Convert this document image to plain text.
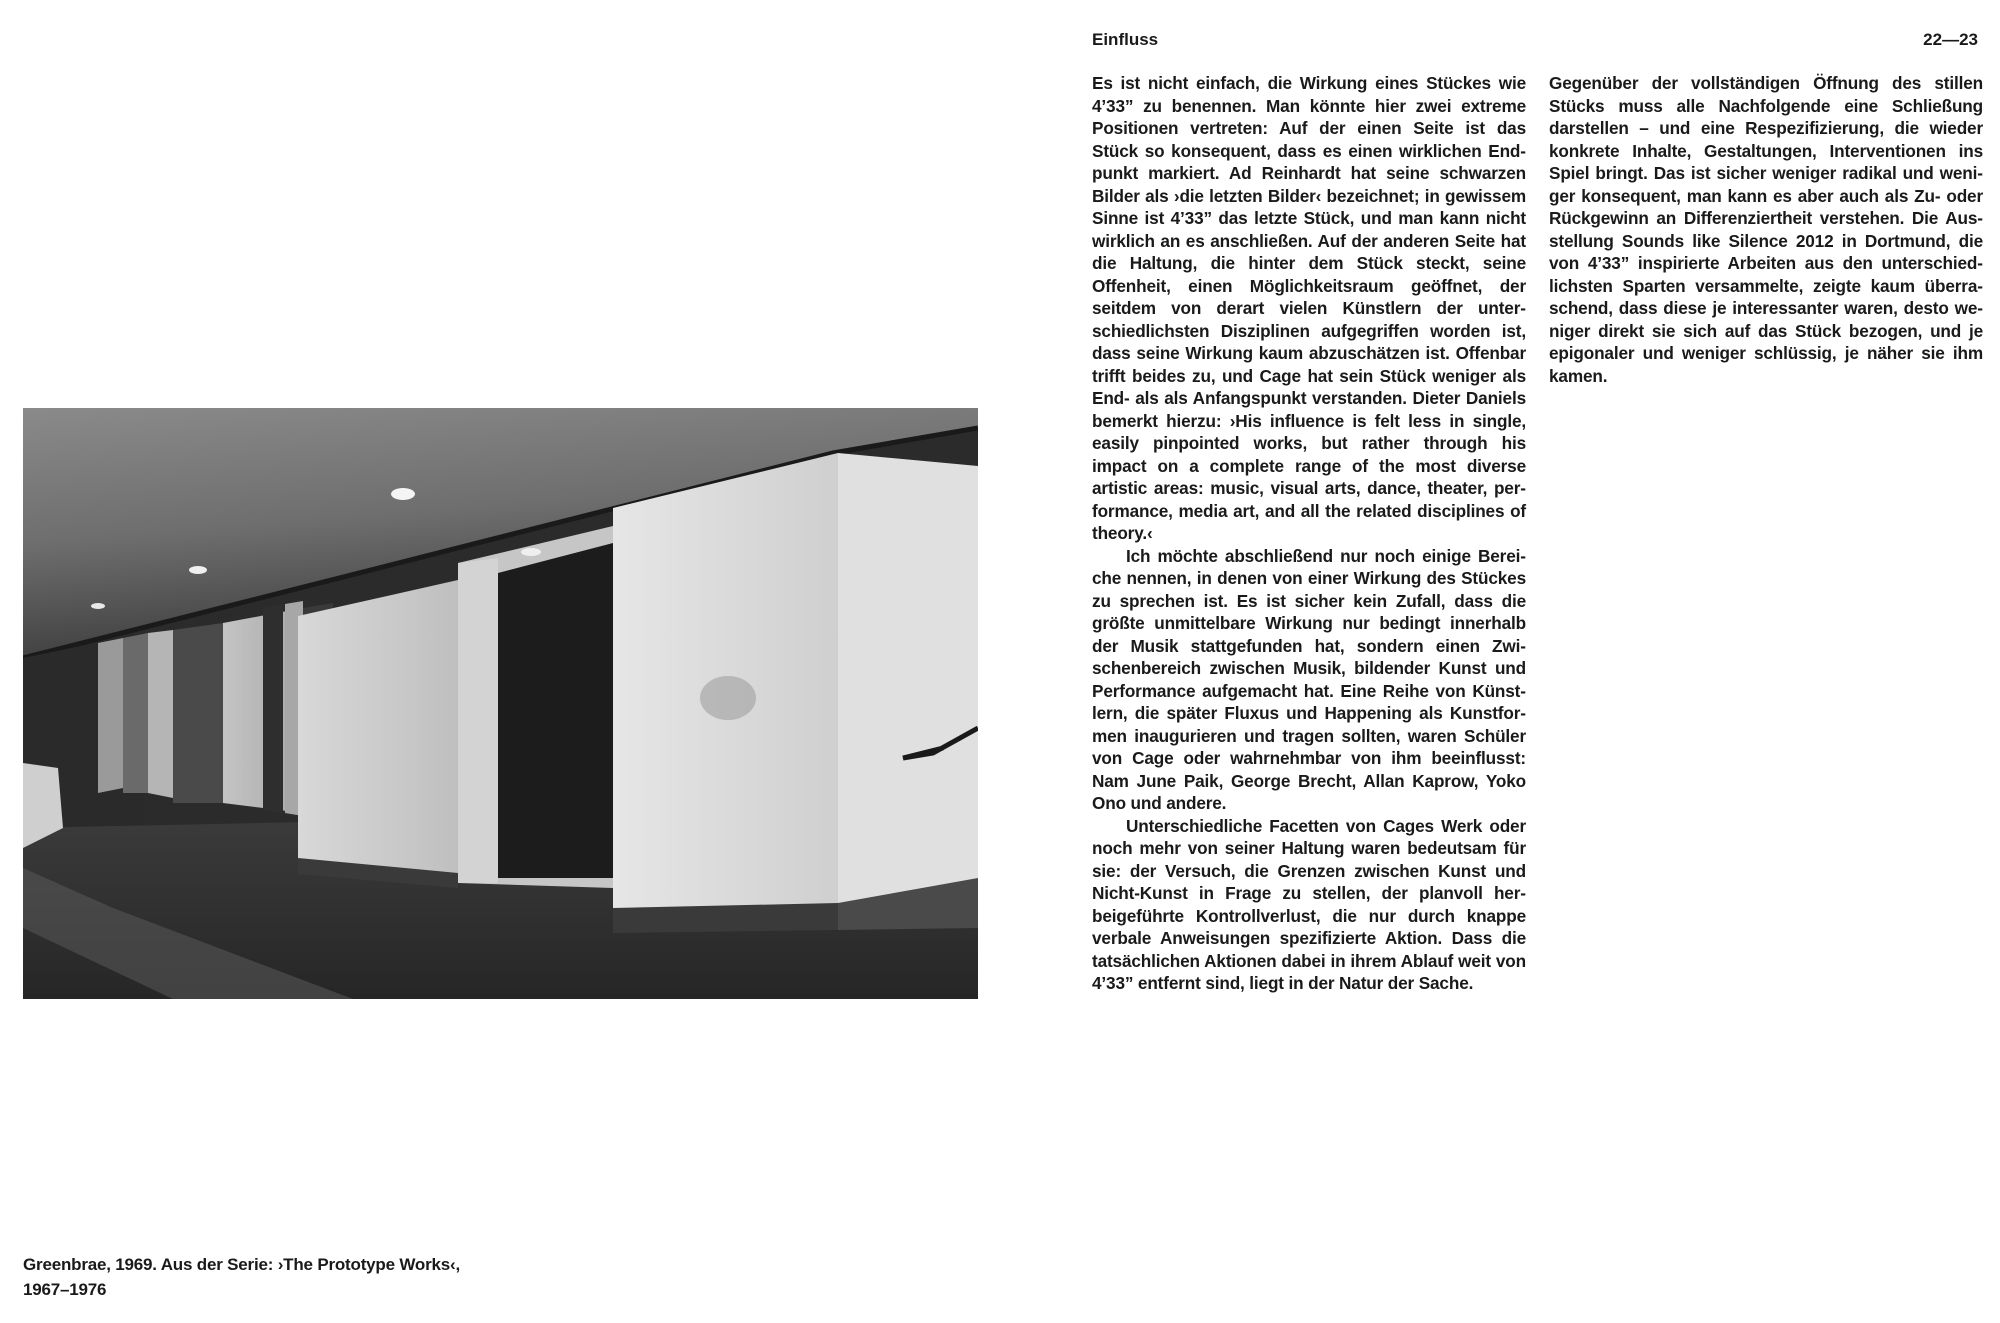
Greenbrae, 1969. Aus der Serie: ›The Prototype Works‹,
1967–1976
Einfluss	22—23

Es ist nicht einfach, die Wirkung eines Stückes wie 4’33” zu benennen. Man könnte hier zwei extreme Positionen vertreten: Auf der einen Seite ist das Stück so konsequent, dass es einen wirklichen Endpunkt markiert. Ad Reinhardt hat seine schwarzen Bilder als ›die letzten Bilder‹ bezeichnet; in gewissem Sinne ist 4’33” das letzte Stück, und man kann nicht wirklich an es anschließen. Auf der anderen Seite hat die Haltung, die hinter dem Stück steckt, seine Offenheit, einen Möglichkeitsraum geöffnet, der seitdem von derart vielen Künstlern der unterschiedlichsten Disziplinen aufgegriffen worden ist, dass seine Wirkung kaum abzuschätzen ist. Offenbar trifft beides zu, und Cage hat sein Stück weniger als End- als als Anfangspunkt verstanden. Dieter Daniels bemerkt hierzu: ›His influence is felt less in single, easily pinpointed works, but rather through his impact on a complete range of the most diverse artistic areas: music, visual arts, dance, theater, performance, media art, and all the related disciplines of theory.‹

Ich möchte abschließend nur noch einige Bereiche nennen, in denen von einer Wirkung des Stückes zu sprechen ist. Es ist sicher kein Zufall, dass die größte unmittelbare Wirkung nur bedingt innerhalb der Musik stattgefunden hat, sondern einen Zwischenbereich zwischen Musik, bildender Kunst und Performance aufgemacht hat. Eine Reihe von Künstlern, die später Fluxus und Happening als Kunstformen inaugurieren und tragen sollten, waren Schüler von Cage oder wahrnehmbar von ihm beeinflusst: Nam June Paik, George Brecht, Allan Kaprow, Yoko Ono und andere.

Unterschiedliche Facetten von Cages Werk oder noch mehr von seiner Haltung waren bedeutsam für sie: der Versuch, die Grenzen zwischen Kunst und Nicht-Kunst in Frage zu stellen, der planvoll herbeigeführte Kontrollverlust, die nur durch knappe verbale Anweisungen spezifizierte Aktion. Dass die tatsächlichen Aktionen dabei in ihrem Ablauf weit von 4’33” entfernt sind, liegt in der Natur der Sache.

Gegenüber der vollständigen Öffnung des stillen Stücks muss alle Nachfolgende eine Schließung darstellen – und eine Respezifizierung, die wieder konkrete Inhalte, Gestaltungen, Interventionen ins Spiel bringt. Das ist sicher weniger radikal und weniger konsequent, man kann es aber auch als Zu- oder Rückgewinn an Differenziertheit verstehen. Die Ausstellung Sounds like Silence 2012 in Dortmund, die von 4’33” inspirierte Arbeiten aus den unterschiedlichsten Sparten versammelte, zeigte kaum überraschend, dass diese je interessanter waren, desto weniger direkt sie sich auf das Stück bezogen, und je epigonaler und weniger schlüssig, je näher sie ihm kamen.
